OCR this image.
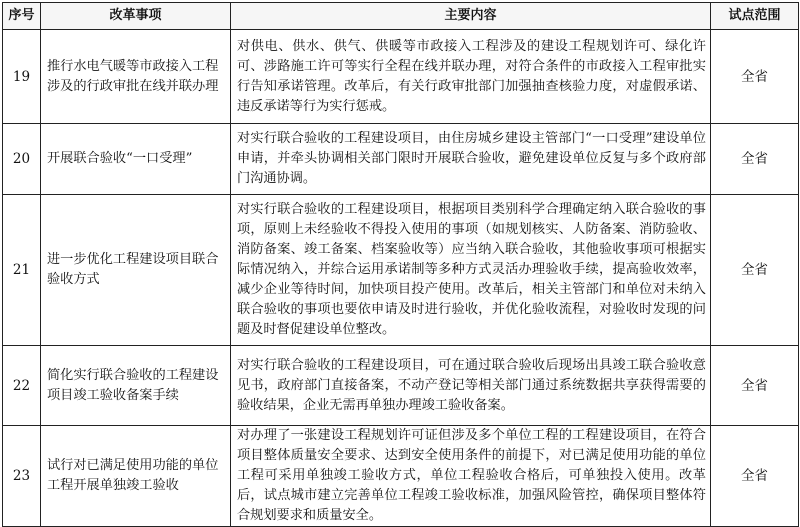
序号	改革事项	主要内容	试点范围
19	推行水电气暖等市政接入工程涉及的行政审批在线并联办理	对供电、供水、供气、供暖等市政接入工程涉及的建设工程规划许可、绿化许可、涉路施工许可等实行全程在线并联办理，对符合条件的市政接入工程审批实行告知承诺管理。改革后，有关行政审批部门加强抽查核验力度，对虚假承诺、违反承诺等行为实行惩戒。	全省
20	开展联合验收“一口受理”	对实行联合验收的工程建设项目，由住房城乡建设主管部门“一口受理”建设单位申请，并牵头协调相关部门限时开展联合验收，避免建设单位反复与多个政府部门沟通协调。	全省
21	进一步优化工程建设项目联合验收方式	对实行联合验收的工程建设项目，根据项目类别科学合理确定纳入联合验收的事项，原则上未经验收不得投入使用的事项（如规划核实、人防备案、消防验收、消防备案、竣工备案、档案验收等）应当纳入联合验收，其他验收事项可根据实际情况纳入，并综合运用承诺制等多种方式灵活办理验收手续，提高验收效率，减少企业等待时间，加快项目投产使用。改革后，相关主管部门和单位对未纳入联合验收的事项也要依申请及时进行验收，并优化验收流程，对验收时发现的问题及时督促建设单位整改。	全省
22	简化实行联合验收的工程建设项目竣工验收备案手续	对实行联合验收的工程建设项目，可在通过联合验收后现场出具竣工联合验收意见书，政府部门直接备案，不动产登记等相关部门通过系统数据共享获得需要的验收结果，企业无需再单独办理竣工验收备案。	全省
23	试行对已满足使用功能的单位工程开展单独竣工验收	对办理了一张建设工程规划许可证但涉及多个单位工程的工程建设项目，在符合项目整体质量安全要求、达到安全使用条件的前提下，对已满足使用功能的单位工程可采用单独竣工验收方式，单位工程验收合格后，可单独投入使用。改革后，试点城市建立完善单位工程竣工验收标准，加强风险管控，确保项目整体符合规划要求和质量安全。	全省
